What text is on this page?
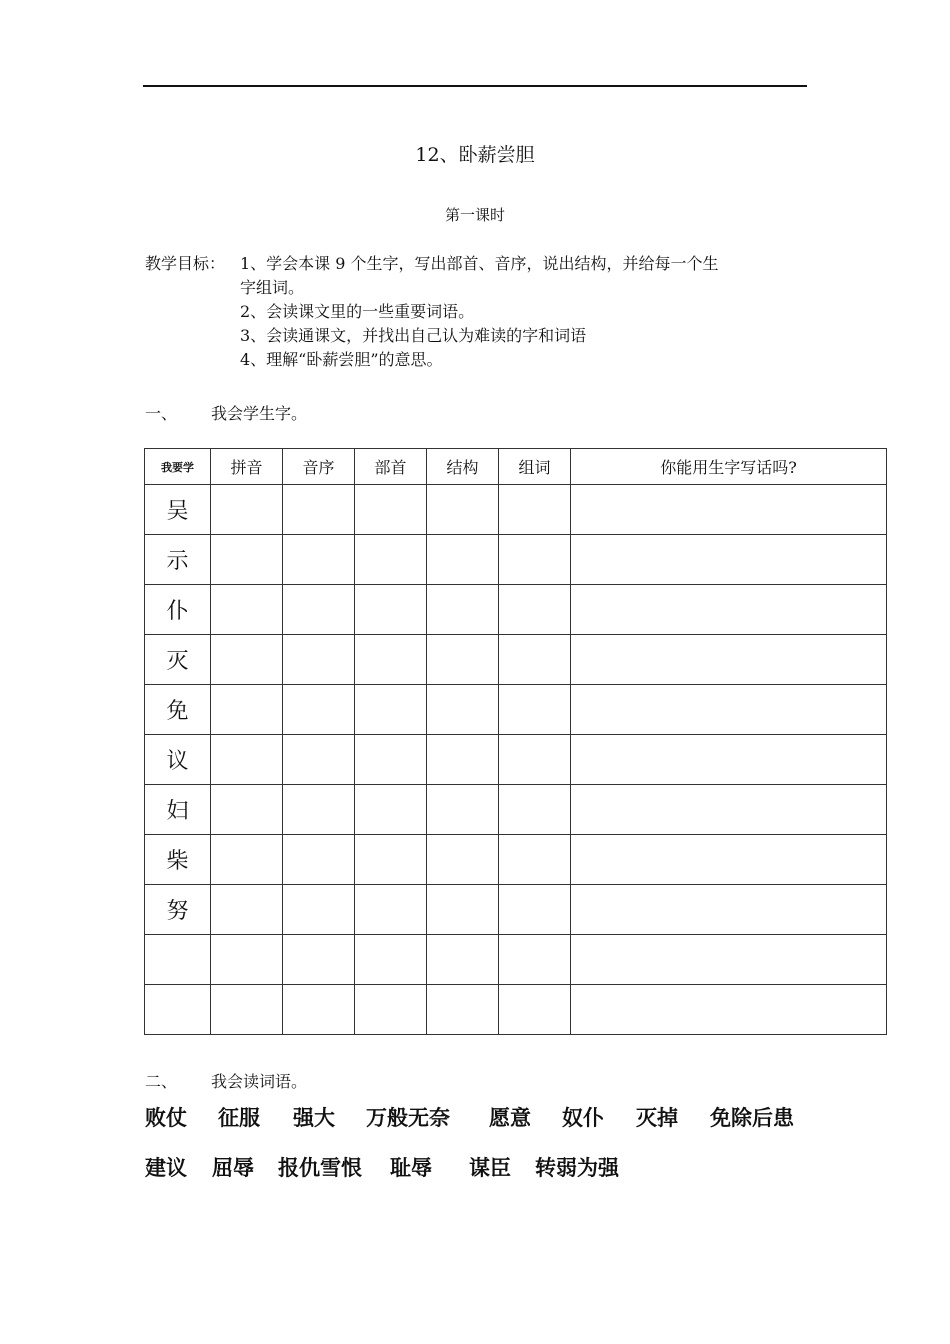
12、卧薪尝胆
第一课时
教学目标： 1、学会本课 9 个生字，写出部首、音序，说出结构，并给每一个生
字组词。
2、会读课文里的一些重要词语。
3、会读通课文，并找出自己认为难读的字和词语
4、理解“卧薪尝胆”的意思。
一、 我会学生字。
我要学	拼音	音序	部首	结构	组词	你能用生字写话吗?
吴						
示						
仆						
灭						
免						
议						
妇						
柴						
努						

二、 我会读词语。
败仗 征服 强大 万般无奈 愿意 奴仆 灭掉 免除后患
建议 屈辱 报仇雪恨 耻辱 谋臣 转弱为强
